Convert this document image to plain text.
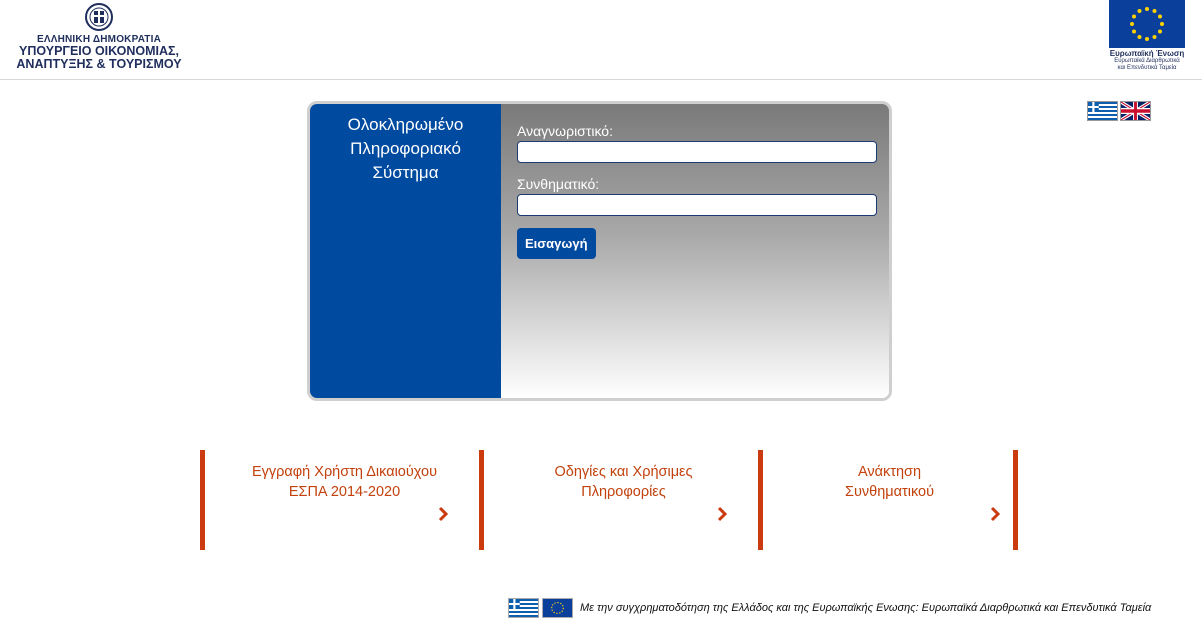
ΕΛΛΗΝΙΚΗ ΔΗΜΟΚΡΑΤΙΑ
ΥΠΟΥΡΓΕΙΟ ΟΙΚΟΝΟΜΙΑΣ,
ΑΝΑΠΤΥΞΗΣ & ΤΟΥΡΙΣΜΟΥ
Ευρωπαϊκή Ένωση
Ευρωπαϊκά Διαρθρωτικά
και Επενδυτικά Ταμεία
Ολοκληρωμένο
Πληροφοριακό
Σύστημα
Αναγνωριστικό:
Συνθηματικό:
Εισαγωγή
Εγγραφή Χρήστη Δικαιούχου
ΕΣΠΑ 2014-2020
Οδηγίες και Χρήσιμες
Πληροφορίες
Ανάκτηση
Συνθηματικού
Με την συγχρηματοδότηση της Ελλάδος και της Ευρωπαϊκής Ενωσης: Ευρωπαϊκά Διαρθρωτικά και Επενδυτικά Ταμεία
